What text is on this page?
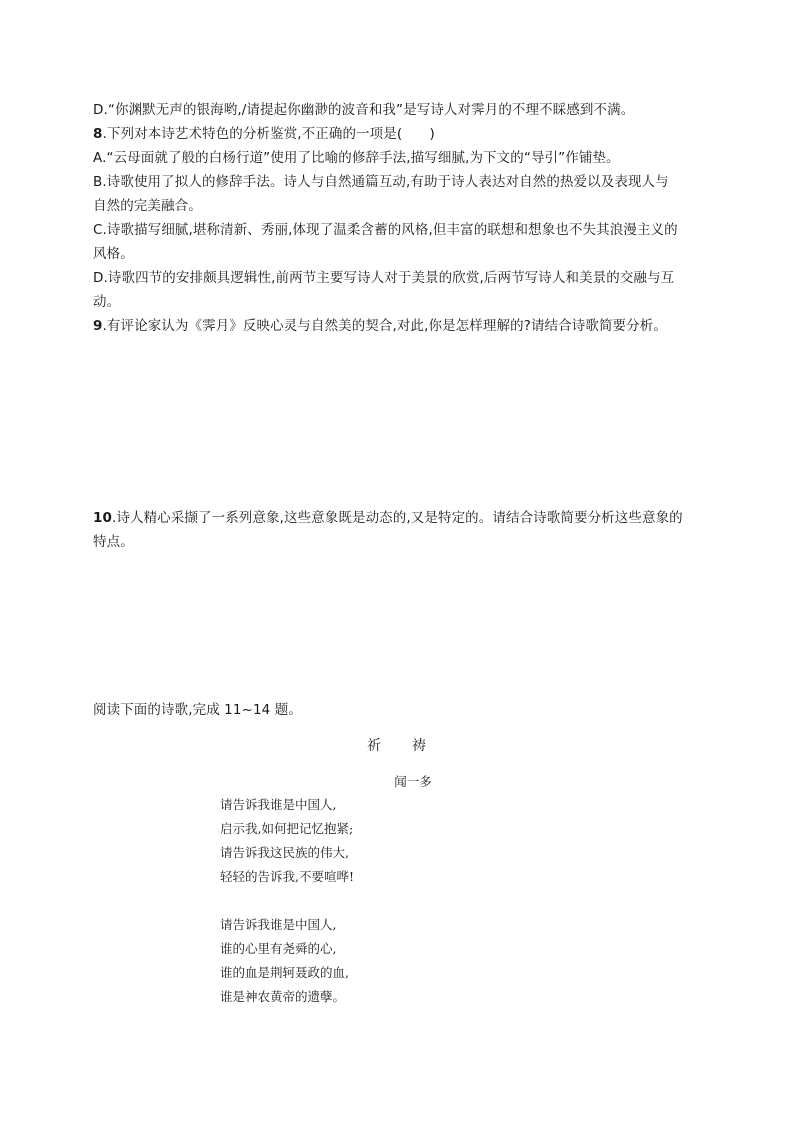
D.“你渊默无声的银海哟,/请提起你幽渺的波音和我”是写诗人对霁月的不理不睬感到不满。
8.下列对本诗艺术特色的分析鉴赏,不正确的一项是(　　)
A.“云母面就了般的白杨行道”使用了比喻的修辞手法,描写细腻,为下文的“导引”作铺垫。
B.诗歌使用了拟人的修辞手法。诗人与自然通篇互动,有助于诗人表达对自然的热爱以及表现人与
自然的完美融合。
C.诗歌描写细腻,堪称清新、秀丽,体现了温柔含蓄的风格,但丰富的联想和想象也不失其浪漫主义的
风格。
D.诗歌四节的安排颇具逻辑性,前两节主要写诗人对于美景的欣赏,后两节写诗人和美景的交融与互
动。
9.有评论家认为《霁月》反映心灵与自然美的契合,对此,你是怎样理解的?请结合诗歌简要分析。
10.诗人精心采撷了一系列意象,这些意象既是动态的,又是特定的。请结合诗歌简要分析这些意象的
特点。
阅读下面的诗歌,完成 11~14 题。
祈　　祷
闻一多
请告诉我谁是中国人,
启示我,如何把记忆抱紧;
请告诉我这民族的伟大,
轻轻的告诉我,不要喧哗!
请告诉我谁是中国人,
谁的心里有尧舜的心,
谁的血是荆轲聂政的血,
谁是神农黄帝的遗孽。
